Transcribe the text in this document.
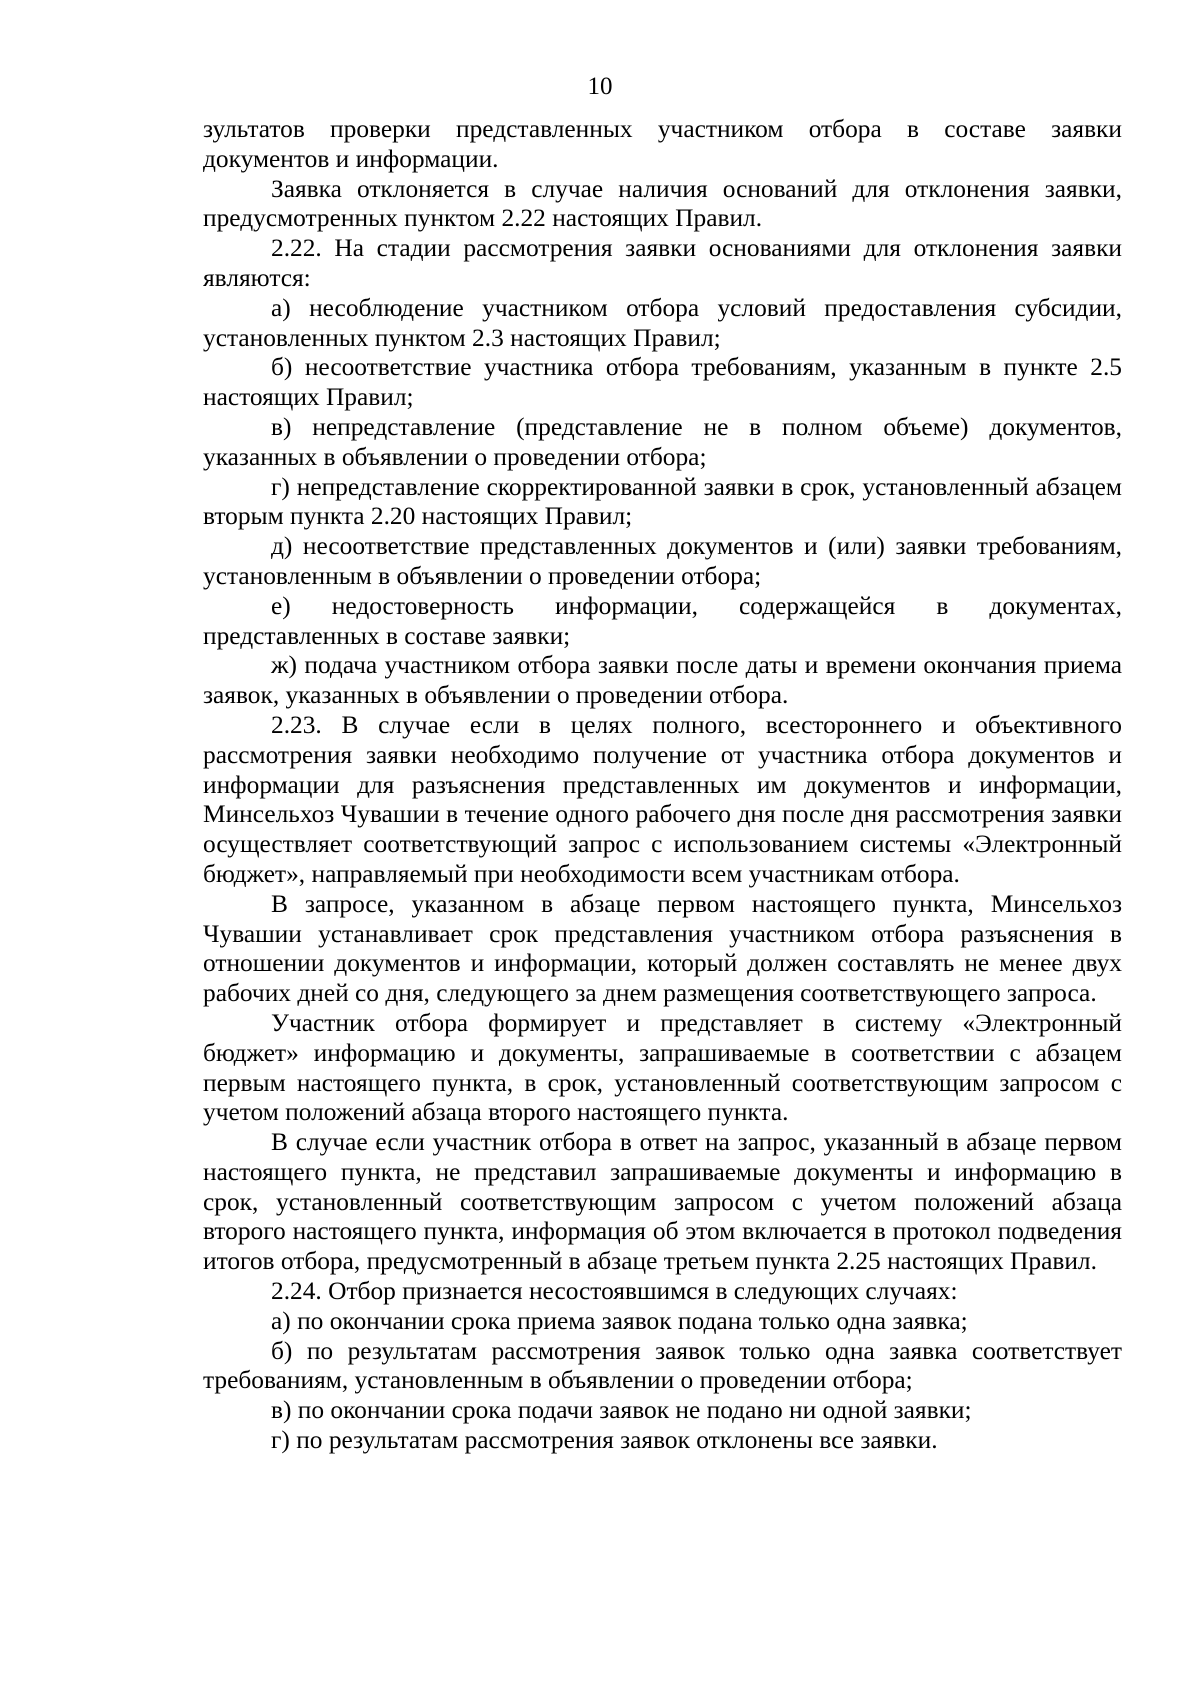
10

зультатов проверки представленных участником отбора в составе заявки документов и информации.

Заявка отклоняется в случае наличия оснований для отклонения заявки, предусмотренных пунктом 2.22 настоящих Правил.

2.22. На стадии рассмотрения заявки основаниями для отклонения заявки являются:

а) несоблюдение участником отбора условий предоставления субсидии, установленных пунктом 2.3 настоящих Правил;

б) несоответствие участника отбора требованиям, указанным в пункте 2.5 настоящих Правил;

в) непредставление (представление не в полном объеме) документов, указанных в объявлении о проведении отбора;

г) непредставление скорректированной заявки в срок, установленный абзацем вторым пункта 2.20 настоящих Правил;

д) несоответствие представленных документов и (или) заявки требованиям, установленным в объявлении о проведении отбора;

е) недостоверность информации, содержащейся в документах, представленных в составе заявки;

ж) подача участником отбора заявки после даты и времени окончания приема заявок, указанных в объявлении о проведении отбора.

2.23. В случае если в целях полного, всестороннего и объективного рассмотрения заявки необходимо получение от участника отбора документов и информации для разъяснения представленных им документов и информации, Минсельхоз Чувашии в течение одного рабочего дня после дня рассмотрения заявки осуществляет соответствующий запрос с использованием системы «Электронный бюджет», направляемый при необходимости всем участникам отбора.

В запросе, указанном в абзаце первом настоящего пункта, Минсельхоз Чувашии устанавливает срок представления участником отбора разъяснения в отношении документов и информации, который должен составлять не менее двух рабочих дней со дня, следующего за днем размещения соответствующего запроса.

Участник отбора формирует и представляет в систему «Электронный бюджет» информацию и документы, запрашиваемые в соответствии с абзацем первым настоящего пункта, в срок, установленный соответствующим запросом с учетом положений абзаца второго настоящего пункта.

В случае если участник отбора в ответ на запрос, указанный в абзаце первом настоящего пункта, не представил запрашиваемые документы и информацию в срок, установленный соответствующим запросом с учетом положений абзаца второго настоящего пункта, информация об этом включается в протокол подведения итогов отбора, предусмотренный в абзаце третьем пункта 2.25 настоящих Правил.

2.24. Отбор признается несостоявшимся в следующих случаях:

а) по окончании срока приема заявок подана только одна заявка;

б) по результатам рассмотрения заявок только одна заявка соответствует требованиям, установленным в объявлении о проведении отбора;

в) по окончании срока подачи заявок не подано ни одной заявки;

г) по результатам рассмотрения заявок отклонены все заявки.
